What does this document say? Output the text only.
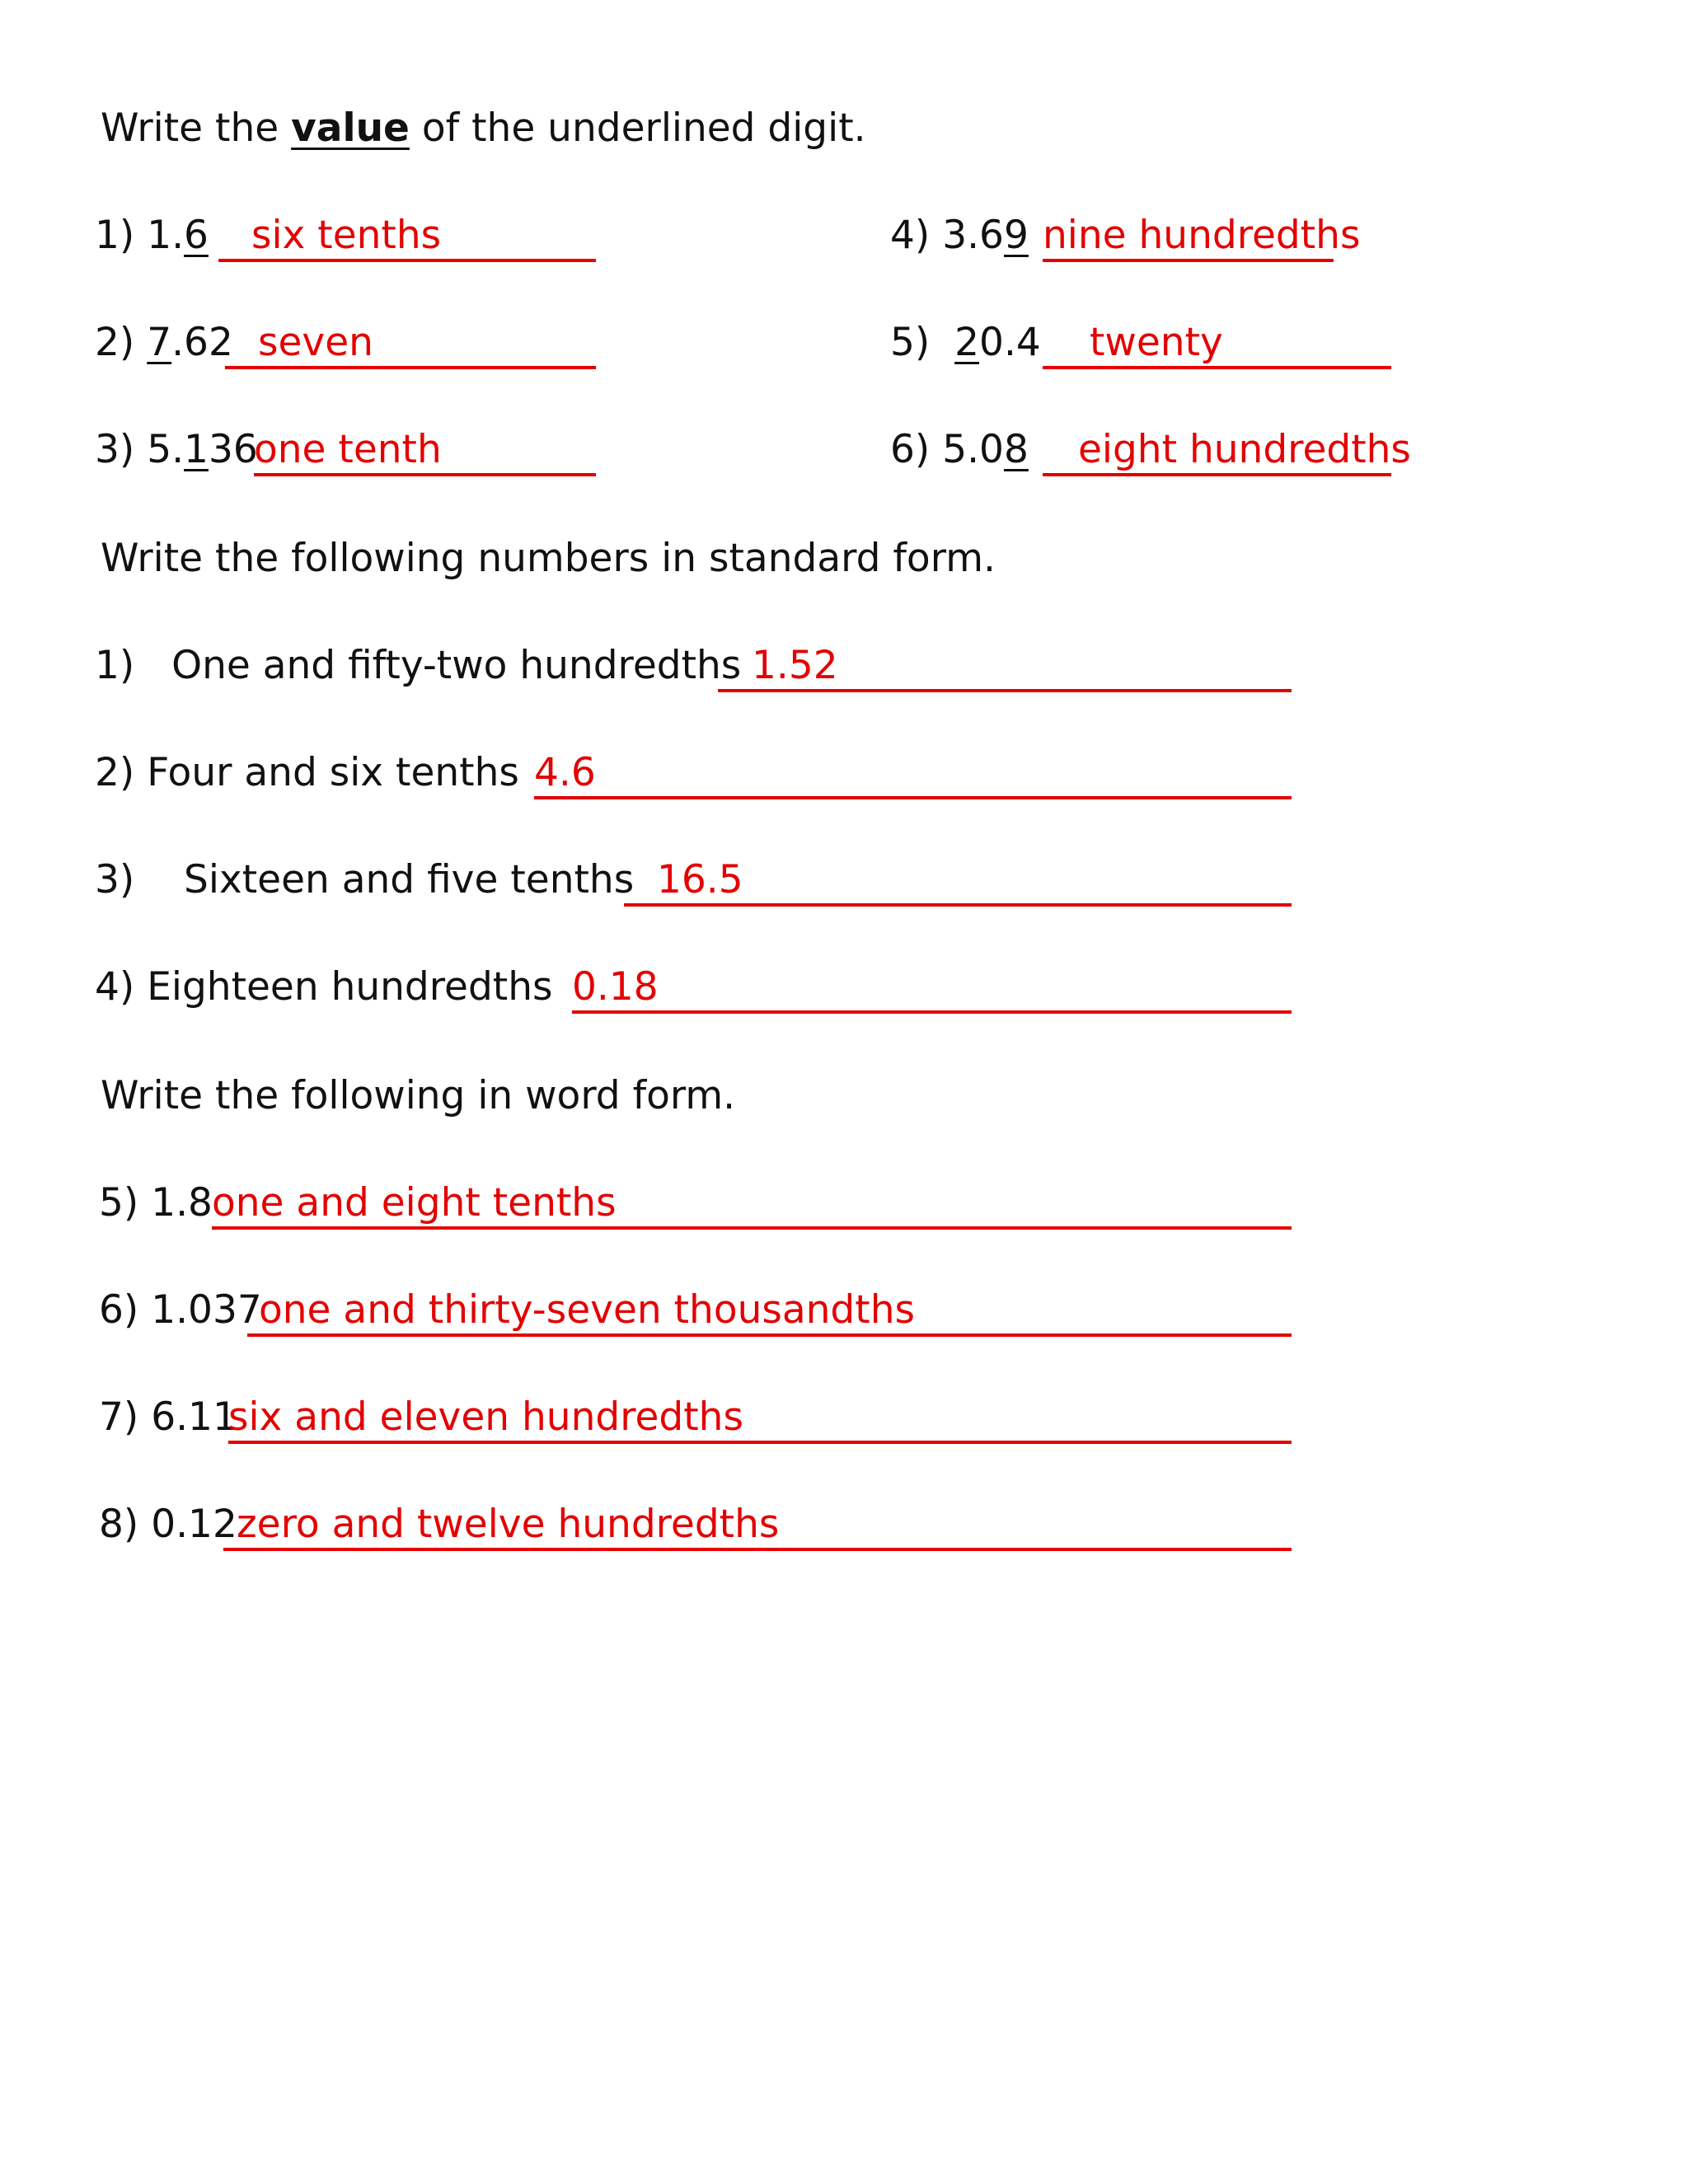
Write the value of the underlined digit.
1) 1.6 six tenths
2) 7.62 seven
3) 5.136
one tenth
4) 3.69 nine hundredths
5) 20.4 twenty
6) 5.08 eight hundredths
Write the following numbers in standard form.
1) One and fifty-two hundredths 1.52
2) Four and six tenths 4.6
3) Sixteen and five tenths 16.5
4) Eighteen hundredths 0.18
Write the following in word form.
5) 1.8 one and eight tenths
6) 1.037
one and thirty-seven thousandths
7) 6.11
six and eleven hundredths
8) 0.12 zero and twelve hundredths
